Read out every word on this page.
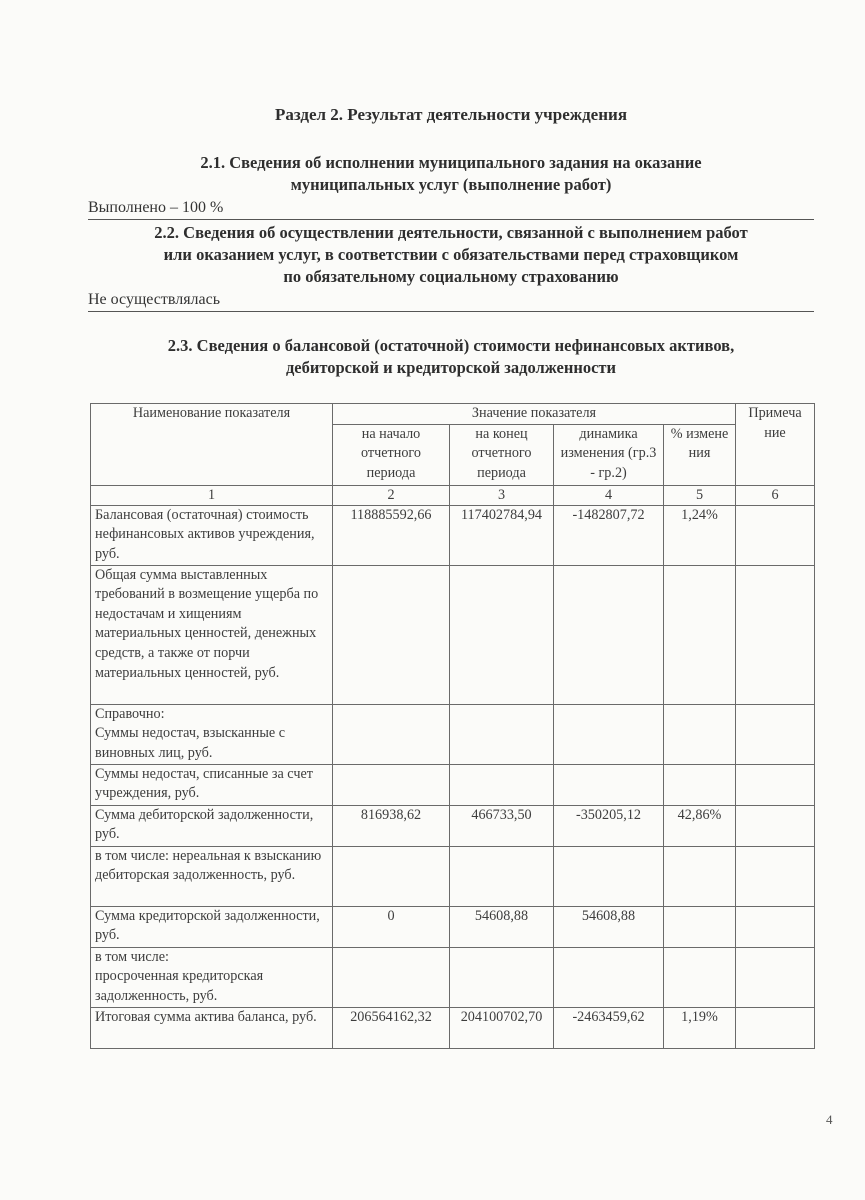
Раздел 2. Результат деятельности учреждения
2.1. Сведения об исполнении муниципального задания на оказание
муниципальных услуг (выполнение работ)
Выполнено – 100 %
2.2. Сведения об осуществлении деятельности, связанной с выполнением работ
или оказанием услуг, в соответствии с обязательствами перед страховщиком
по обязательному социальному страхованию
Не осуществлялась
2.3. Сведения о балансовой (остаточной) стоимости нефинансовых активов,
дебиторской и кредиторской задолженности
Наименование показателя	Значение показателя				Примеча ние
	на начало отчетного периода	на конец отчетного периода	динамика изменения (гр.3 - гр.2)	% измене ния	
1	2	3	4	5	6
Балансовая (остаточная) стоимость нефинансовых активов учреждения, руб.	118885592,66	117402784,94	-1482807,72	1,24%	
Общая сумма выставленных требований в возмещение ущерба по недостачам и хищениям материальных ценностей, денежных средств, а также от порчи материальных ценностей, руб.					

Справочно:
Суммы недостач, взысканные с виновных лиц, руб.					

Суммы недостач, списанные за счет учреждения, руб.					
Сумма дебиторской задолженности, руб.	816938,62	466733,50	-350205,12	42,86%	
в том числе: нереальная к взысканию дебиторская задолженность, руб.					
Сумма кредиторской задолженности, руб.	0	54608,88	54608,88		

в том числе:
просроченная кредиторская задолженность, руб.					

Итоговая сумма актива баланса, руб.	206564162,32	204100702,70	-2463459,62	1,19%	
4
